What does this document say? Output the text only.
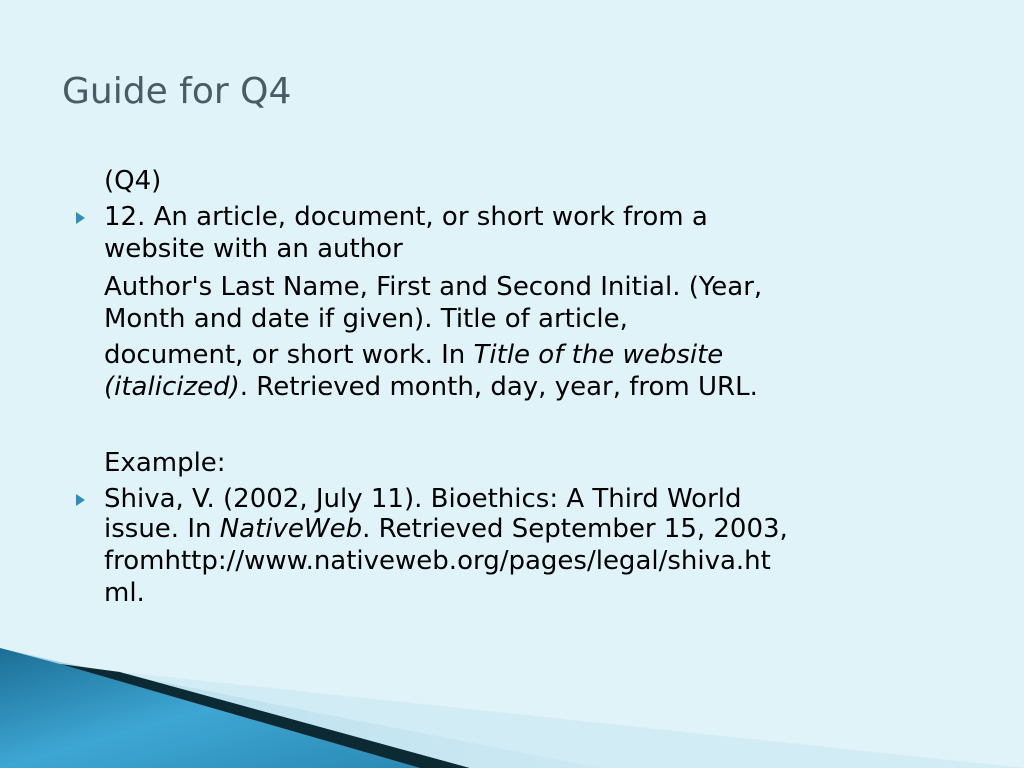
Guide for Q4

(Q4)

12. An article, document, or short work from a

website with an author

Author's Last Name, First and Second Initial. (Year,

Month and date if given). Title of article,

document, or short work. In Title of the website

(italicized). Retrieved month, day, year, from URL.

Example:

Shiva, V. (2002, July 11). Bioethics: A Third World

issue. In NativeWeb. Retrieved September 15, 2003,

fromhttp://www.nativeweb.org/pages/legal/shiva.ht

ml.
